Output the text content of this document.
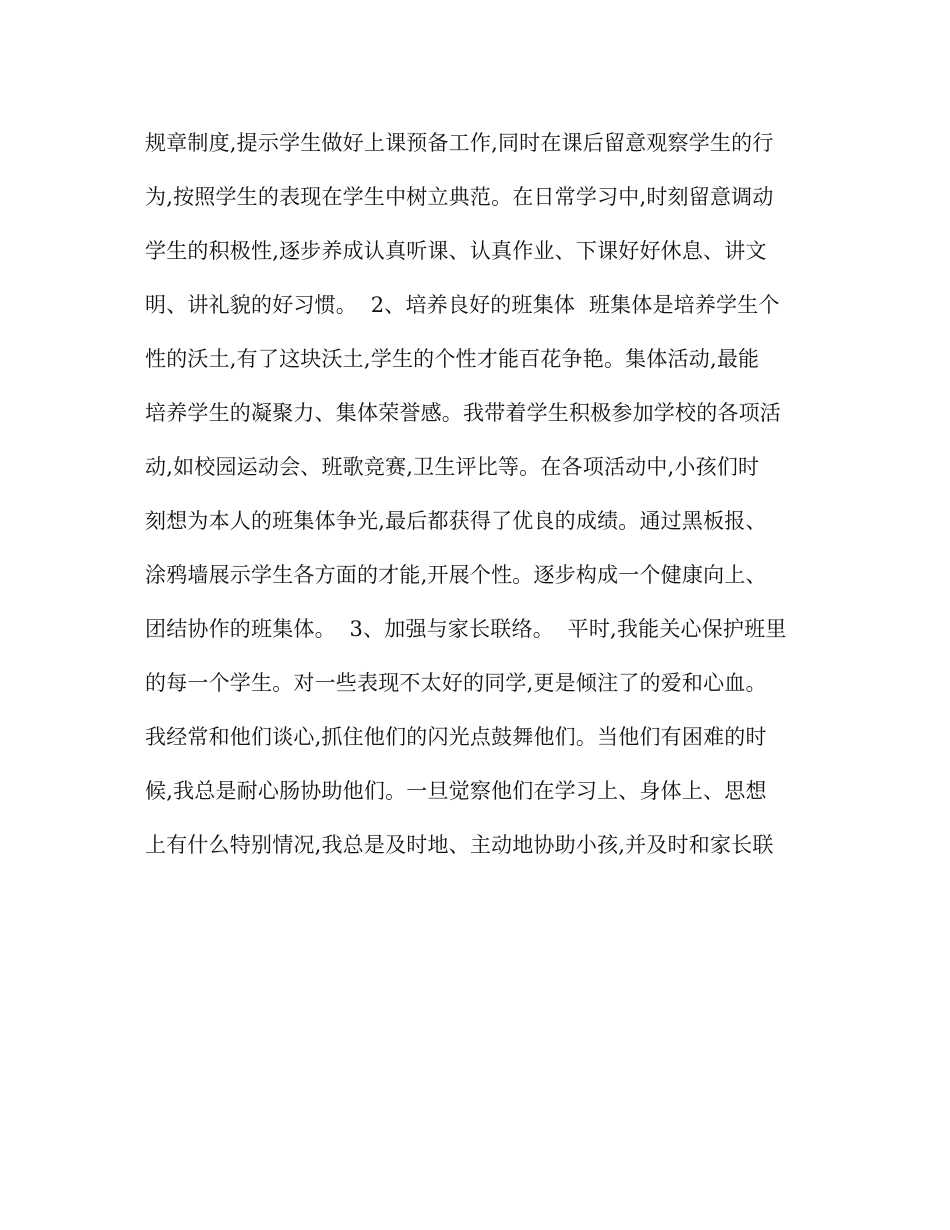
规章制度,提示学生做好上课预备工作,同时在课后留意观察学生的行
为,按照学生的表现在学生中树立典范。在日常学习中,时刻留意调动
学生的积极性,逐步养成认真听课、认真作业、下课好好休息、讲文
明、讲礼貌的好习惯。  2、培养良好的班集体  班集体是培养学生个
性的沃土,有了这块沃土,学生的个性才能百花争艳。集体活动,最能
培养学生的凝聚力、集体荣誉感。我带着学生积极参加学校的各项活
动,如校园运动会、班歌竞赛,卫生评比等。在各项活动中,小孩们时
刻想为本人的班集体争光,最后都获得了优良的成绩。通过黑板报、
涂鸦墙展示学生各方面的才能,开展个性。逐步构成一个健康向上、
团结协作的班集体。  3、加强与家长联络。  平时,我能关心保护班里
的每一个学生。对一些表现不太好的同学,更是倾注了的爱和心血。
我经常和他们谈心,抓住他们的闪光点鼓舞他们。当他们有困难的时
候,我总是耐心肠协助他们。一旦觉察他们在学习上、身体上、思想
上有什么特别情况,我总是及时地、主动地协助小孩,并及时和家长联
